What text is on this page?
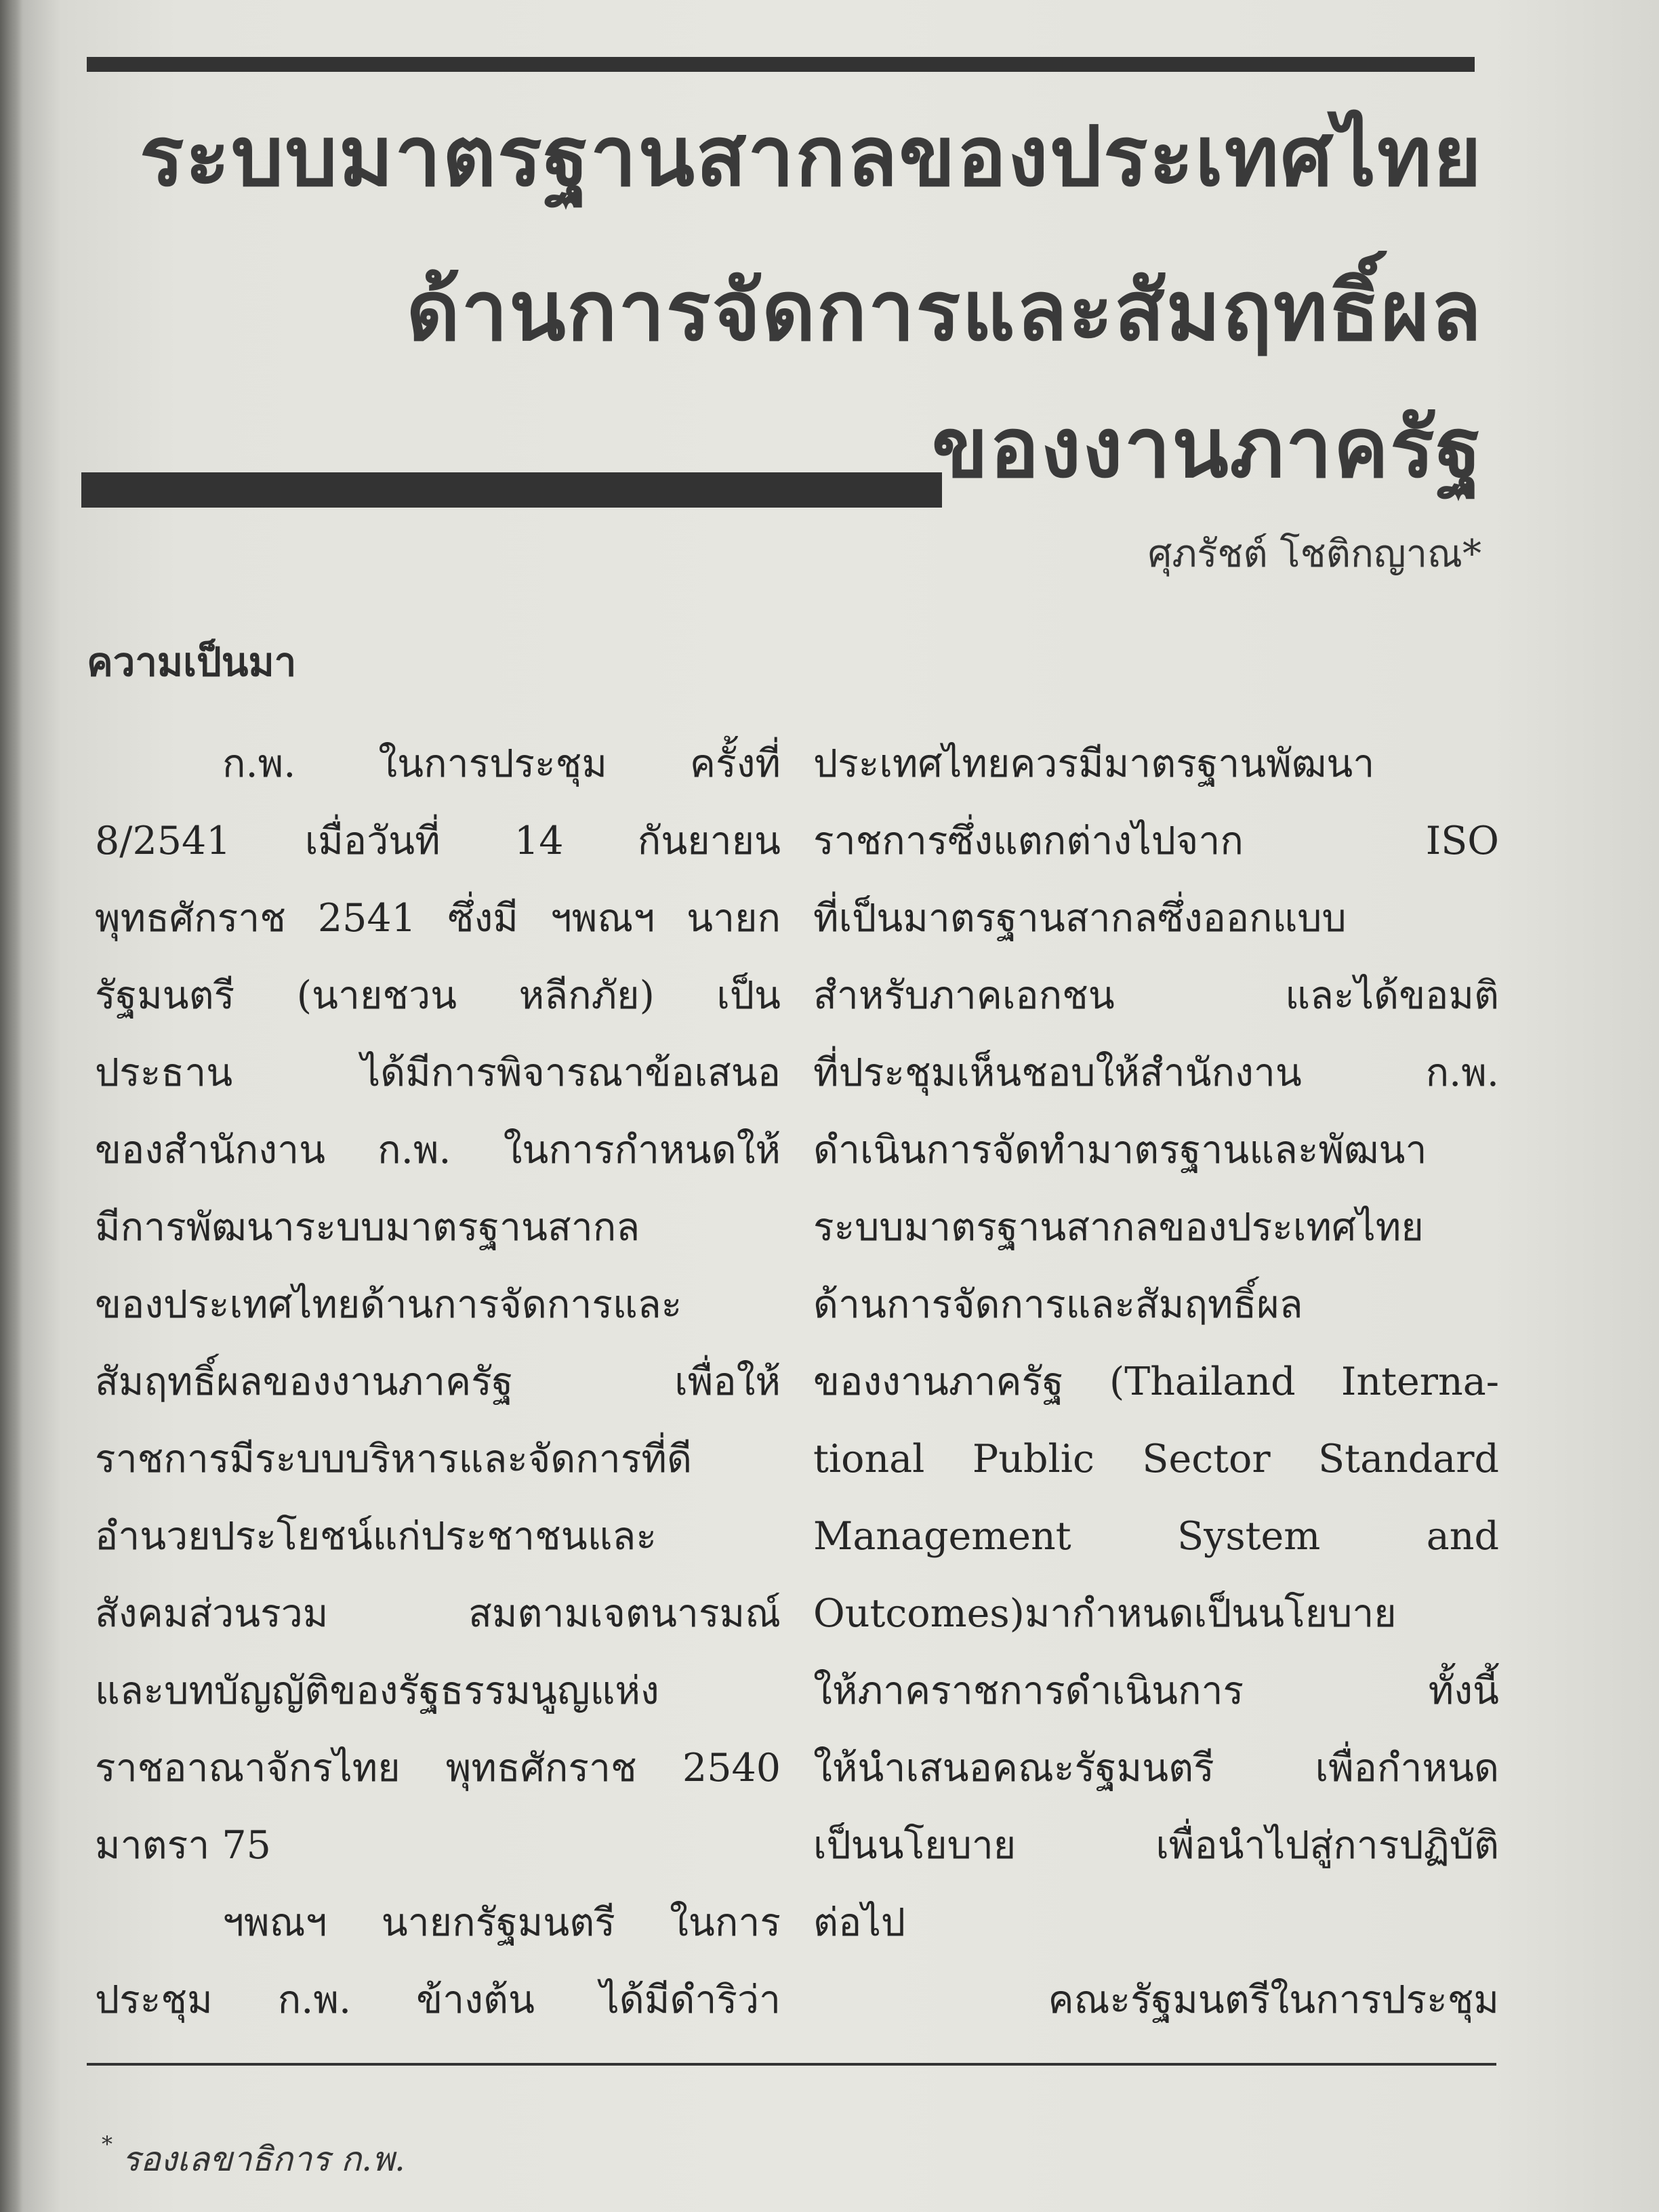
ระบบมาตรฐานสากลของประเทศไทย
ด้านการจัดการและสัมฤทธิ์ผล
ของงานภาครัฐ
ศุภรัชต์ โชติกญาณ*
ความเป็นมา
ก.พ. ในการประชุม ครั้งที่
8/2541 เมื่อวันที่ 14 กันยายน
พุทธศักราช 2541 ซึ่งมี ฯพณฯ นายก
รัฐมนตรี (นายชวน หลีกภัย) เป็น
ประธาน ได้มีการพิจารณาข้อเสนอ
ของสำนักงาน ก.พ. ในการกำหนดให้
มีการพัฒนาระบบมาตรฐานสากล
ของประเทศไทยด้านการจัดการและ
สัมฤทธิ์ผลของงานภาครัฐ เพื่อให้
ราชการมีระบบบริหารและจัดการที่ดี
อำนวยประโยชน์แก่ประชาชนและ
สังคมส่วนรวม สมตามเจตนารมณ์
และบทบัญญัติของรัฐธรรมนูญแห่ง
ราชอาณาจักรไทย พุทธศักราช 2540
มาตรา 75
ฯพณฯ นายกรัฐมนตรี ในการ
ประชุม ก.พ. ข้างต้น ได้มีดำริว่า
ประเทศไทยควรมีมาตรฐานพัฒนา
ราชการซึ่งแตกต่างไปจาก ISO
ที่เป็นมาตรฐานสากลซึ่งออกแบบ
สำหรับภาคเอกชน และได้ขอมติ
ที่ประชุมเห็นชอบให้สำนักงาน ก.พ.
ดำเนินการจัดทำมาตรฐานและพัฒนา
ระบบมาตรฐานสากลของประเทศไทย
ด้านการจัดการและสัมฤทธิ์ผล
ของงานภาครัฐ (Thailand Interna-
tional Public Sector Standard
Management System and
Outcomes)มากำหนดเป็นนโยบาย
ให้ภาคราชการดำเนินการ ทั้งนี้
ให้นำเสนอคณะรัฐมนตรี เพื่อกำหนด
เป็นนโยบาย เพื่อนำไปสู่การปฏิบัติ
ต่อไป
คณะรัฐมนตรีในการประชุม
* รองเลขาธิการ ก.พ.
